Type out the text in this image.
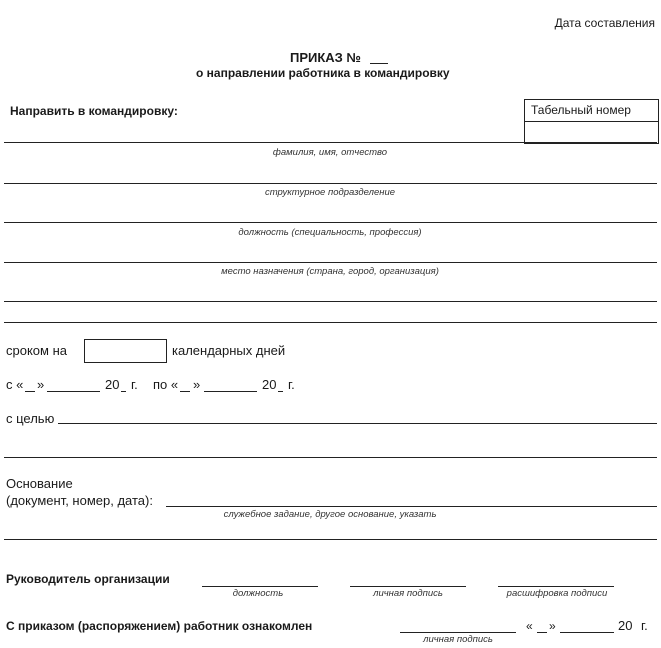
Дата составления
ПРИКАЗ №
о направлении работника в командировку
Направить в командировку:	Табельный номер
фамилия, имя, отчество
структурное подразделение
должность (специальность, профессия)
место назначения (страна, город, организация)
сроком на	календарных дней
с « »	20 г. по « »	20 г.
с целью
Основание
(документ, номер, дата):
служебное задание, другое основание, указать
Руководитель организации
должность	личная подпись	расшифровка подписи
С приказом (распоряжением) работник ознакомлен
личная подпись
« »	20 г.
